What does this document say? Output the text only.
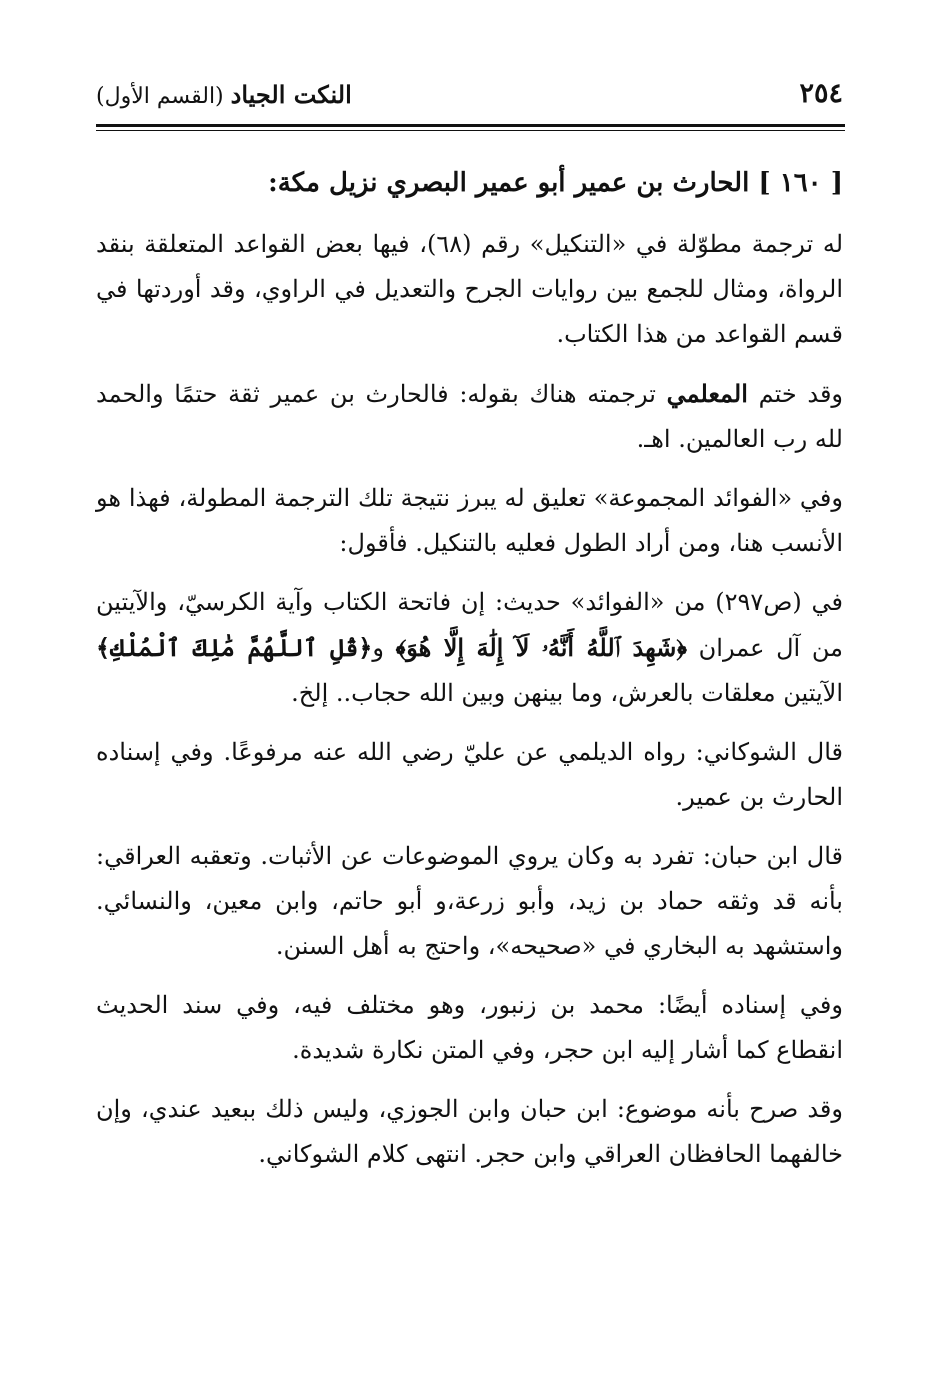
٢٥٤
النكت الجياد (القسم الأول)

[ ١٦٠ ] الحارث بن عمير أبو عمير البصري نزيل مكة:

له ترجمة مطوّلة في «التنكيل» رقم (٦٨)، فيها بعض القواعد المتعلقة بنقد الرواة، ومثال للجمع بين روايات الجرح والتعديل في الراوي، وقد أوردتها في قسم القواعد من هذا الكتاب.

وقد ختم المعلمي ترجمته هناك بقوله: فالحارث بن عمير ثقة حتمًا والحمد لله رب العالمين. اهـ.

وفي «الفوائد المجموعة» تعليق له يبرز نتيجة تلك الترجمة المطولة، فهذا هو الأنسب هنا، ومن أراد الطول فعليه بالتنكيل. فأقول:

في (ص٢٩٧) من «الفوائد» حديث: إن فاتحة الكتاب وآية الكرسيّ، والآيتين من آل عمران ﴿شَهِدَ ٱللَّهُ أَنَّهُۥ لَآ إِلَٰهَ إِلَّا هُوَ﴾ و﴿قُلِ ٱللَّهُمَّ مَٰلِكَ ٱلْمُلْكِ﴾ الآيتين معلقات بالعرش، وما بينهن وبين الله حجاب.. إلخ.

قال الشوكاني: رواه الديلمي عن عليّ رضي الله عنه مرفوعًا. وفي إسناده الحارث بن عمير.

قال ابن حبان: تفرد به وكان يروي الموضوعات عن الأثبات. وتعقبه العراقي: بأنه قد وثقه حماد بن زيد، وأبو زرعة،و أبو حاتم، وابن معين، والنسائي. واستشهد به البخاري في «صحيحه»، واحتج به أهل السنن.

وفي إسناده أيضًا: محمد بن زنبور، وهو مختلف فيه، وفي سند الحديث انقطاع كما أشار إليه ابن حجر، وفي المتن نكارة شديدة.

وقد صرح بأنه موضوع: ابن حبان وابن الجوزي، وليس ذلك ببعيد عندي، وإن خالفهما الحافظان العراقي وابن حجر. انتهى كلام الشوكاني.
